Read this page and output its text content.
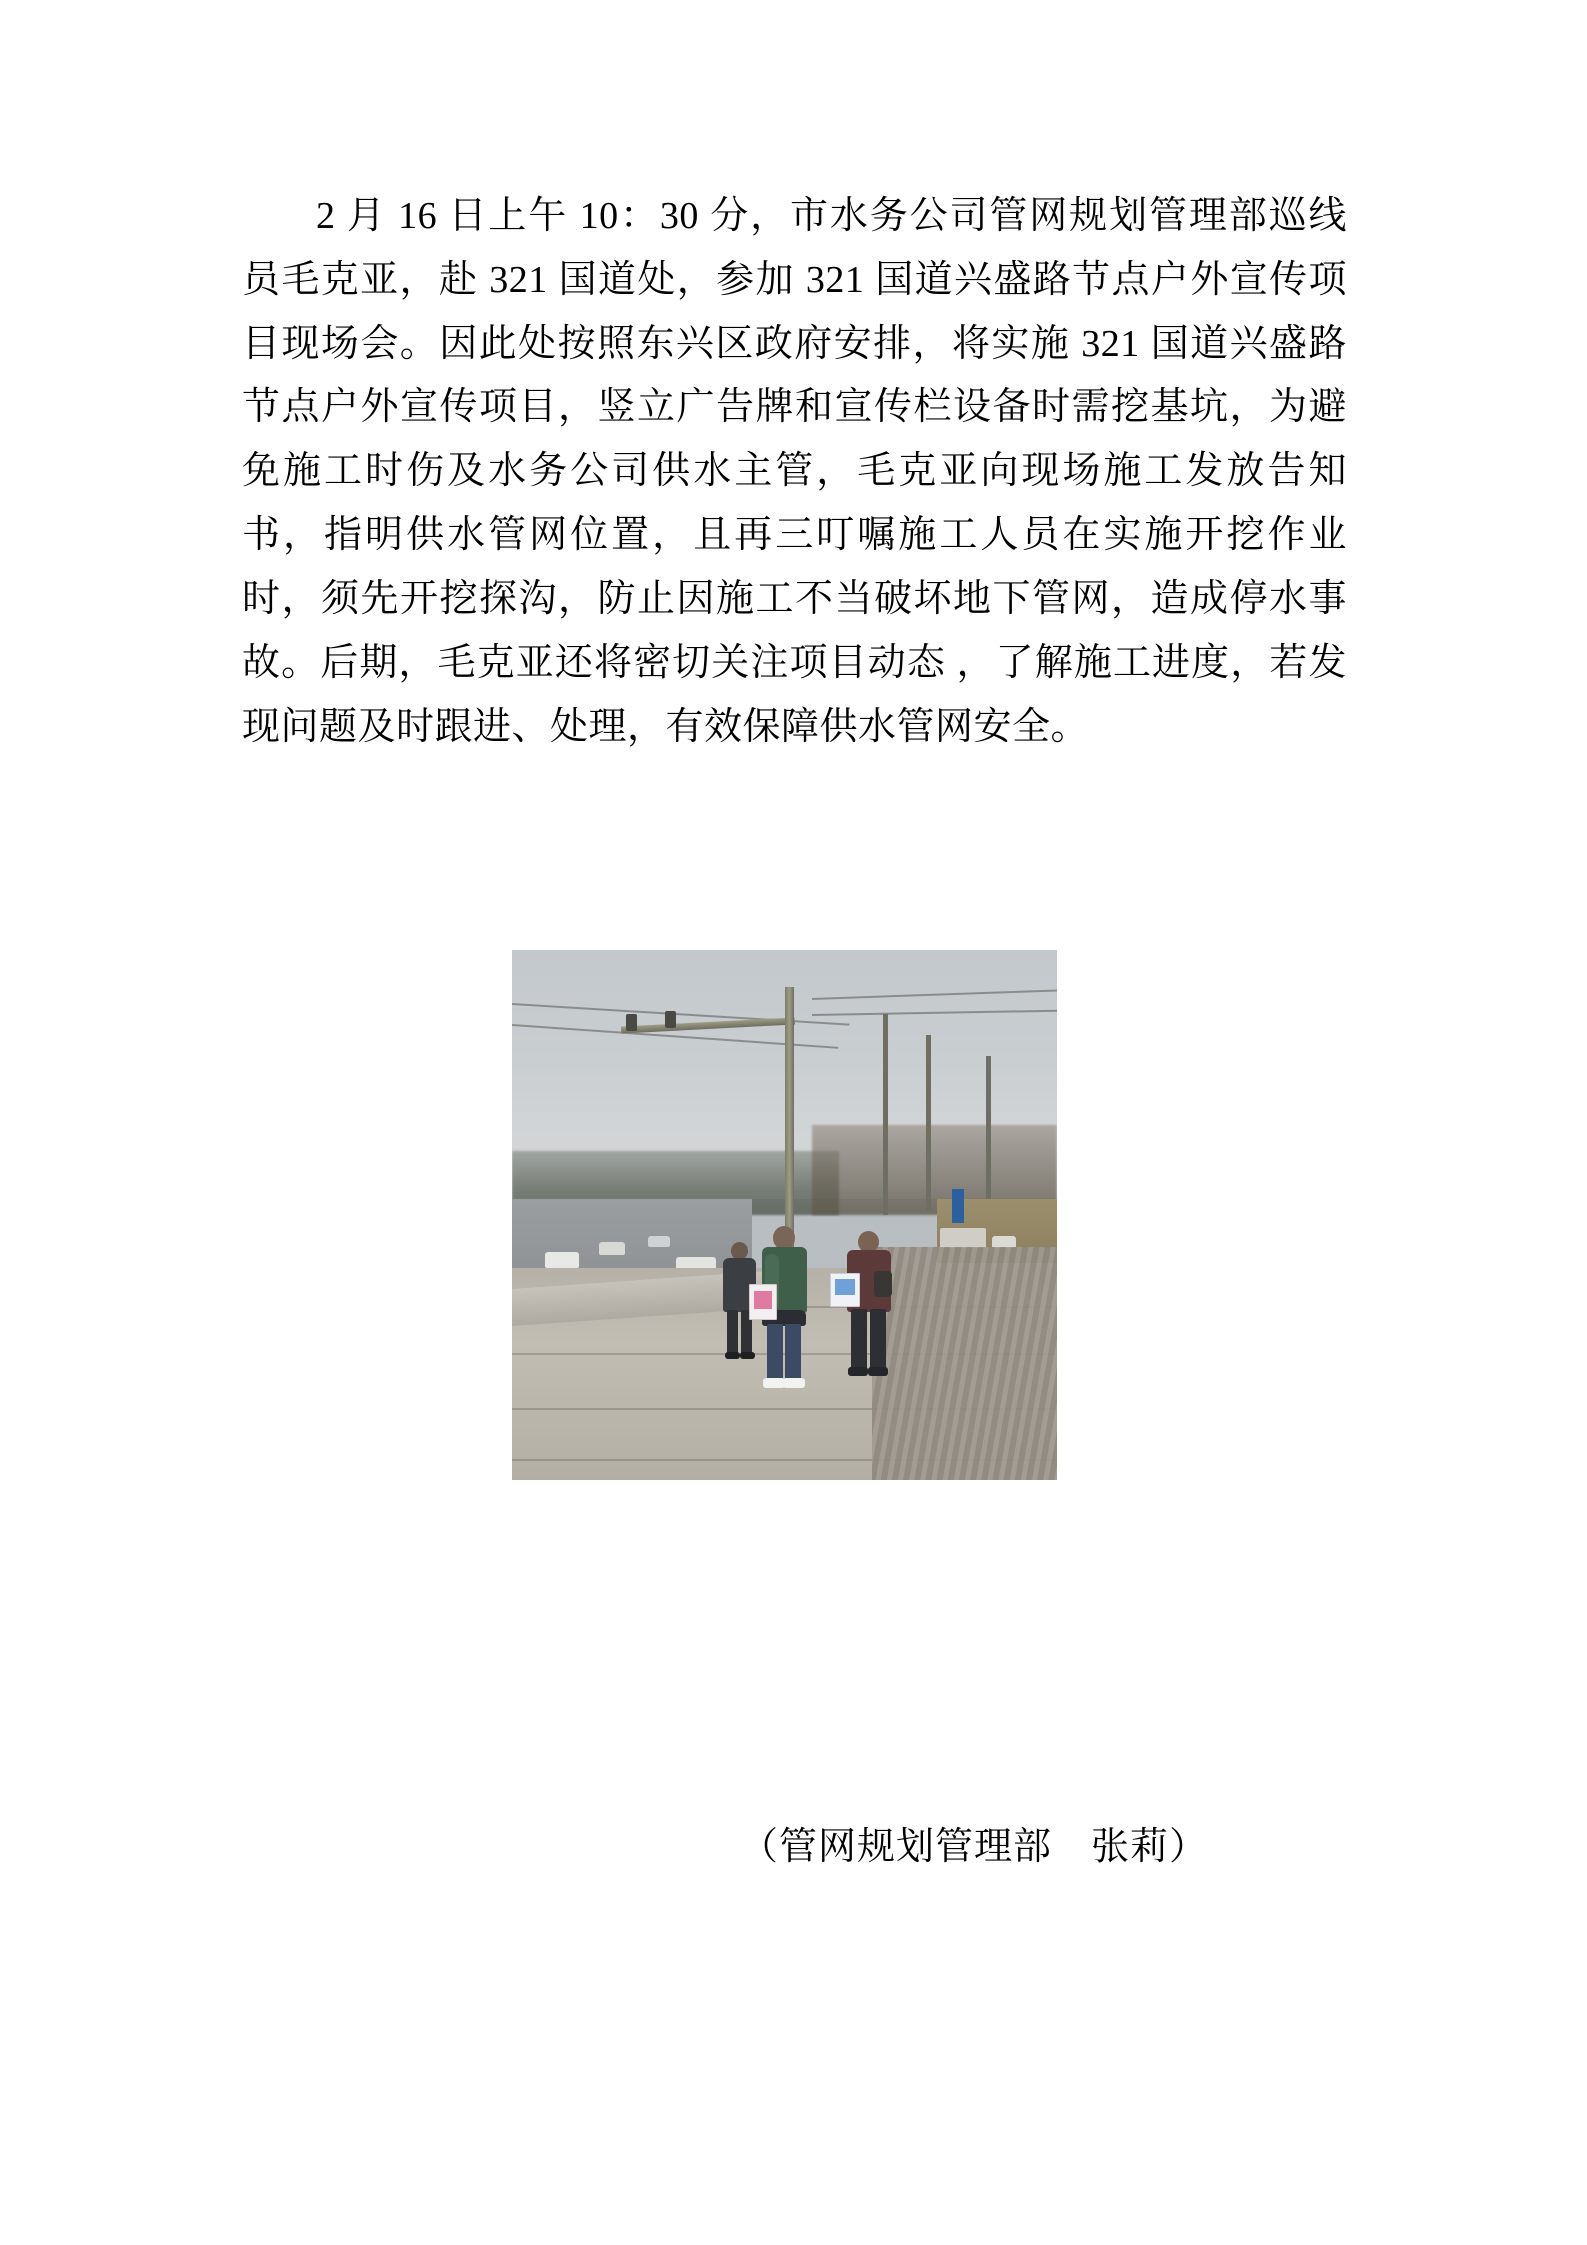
2 月 16 日上午 10：30 分，市水务公司管网规划管理部巡线员毛克亚，赴 321 国道处，参加 321 国道兴盛路节点户外宣传项目现场会。因此处按照东兴区政府安排，将实施 321 国道兴盛路节点户外宣传项目，竖立广告牌和宣传栏设备时需挖基坑，为避免施工时伤及水务公司供水主管，毛克亚向现场施工发放告知书，指明供水管网位置，且再三叮嘱施工人员在实施开挖作业时，须先开挖探沟，防止因施工不当破坏地下管网，造成停水事故。后期，毛克亚还将密切关注项目动态 ，了解施工进度，若发现问题及时跟进、处理，有效保障供水管网安全。

（管网规划管理部　张莉）
